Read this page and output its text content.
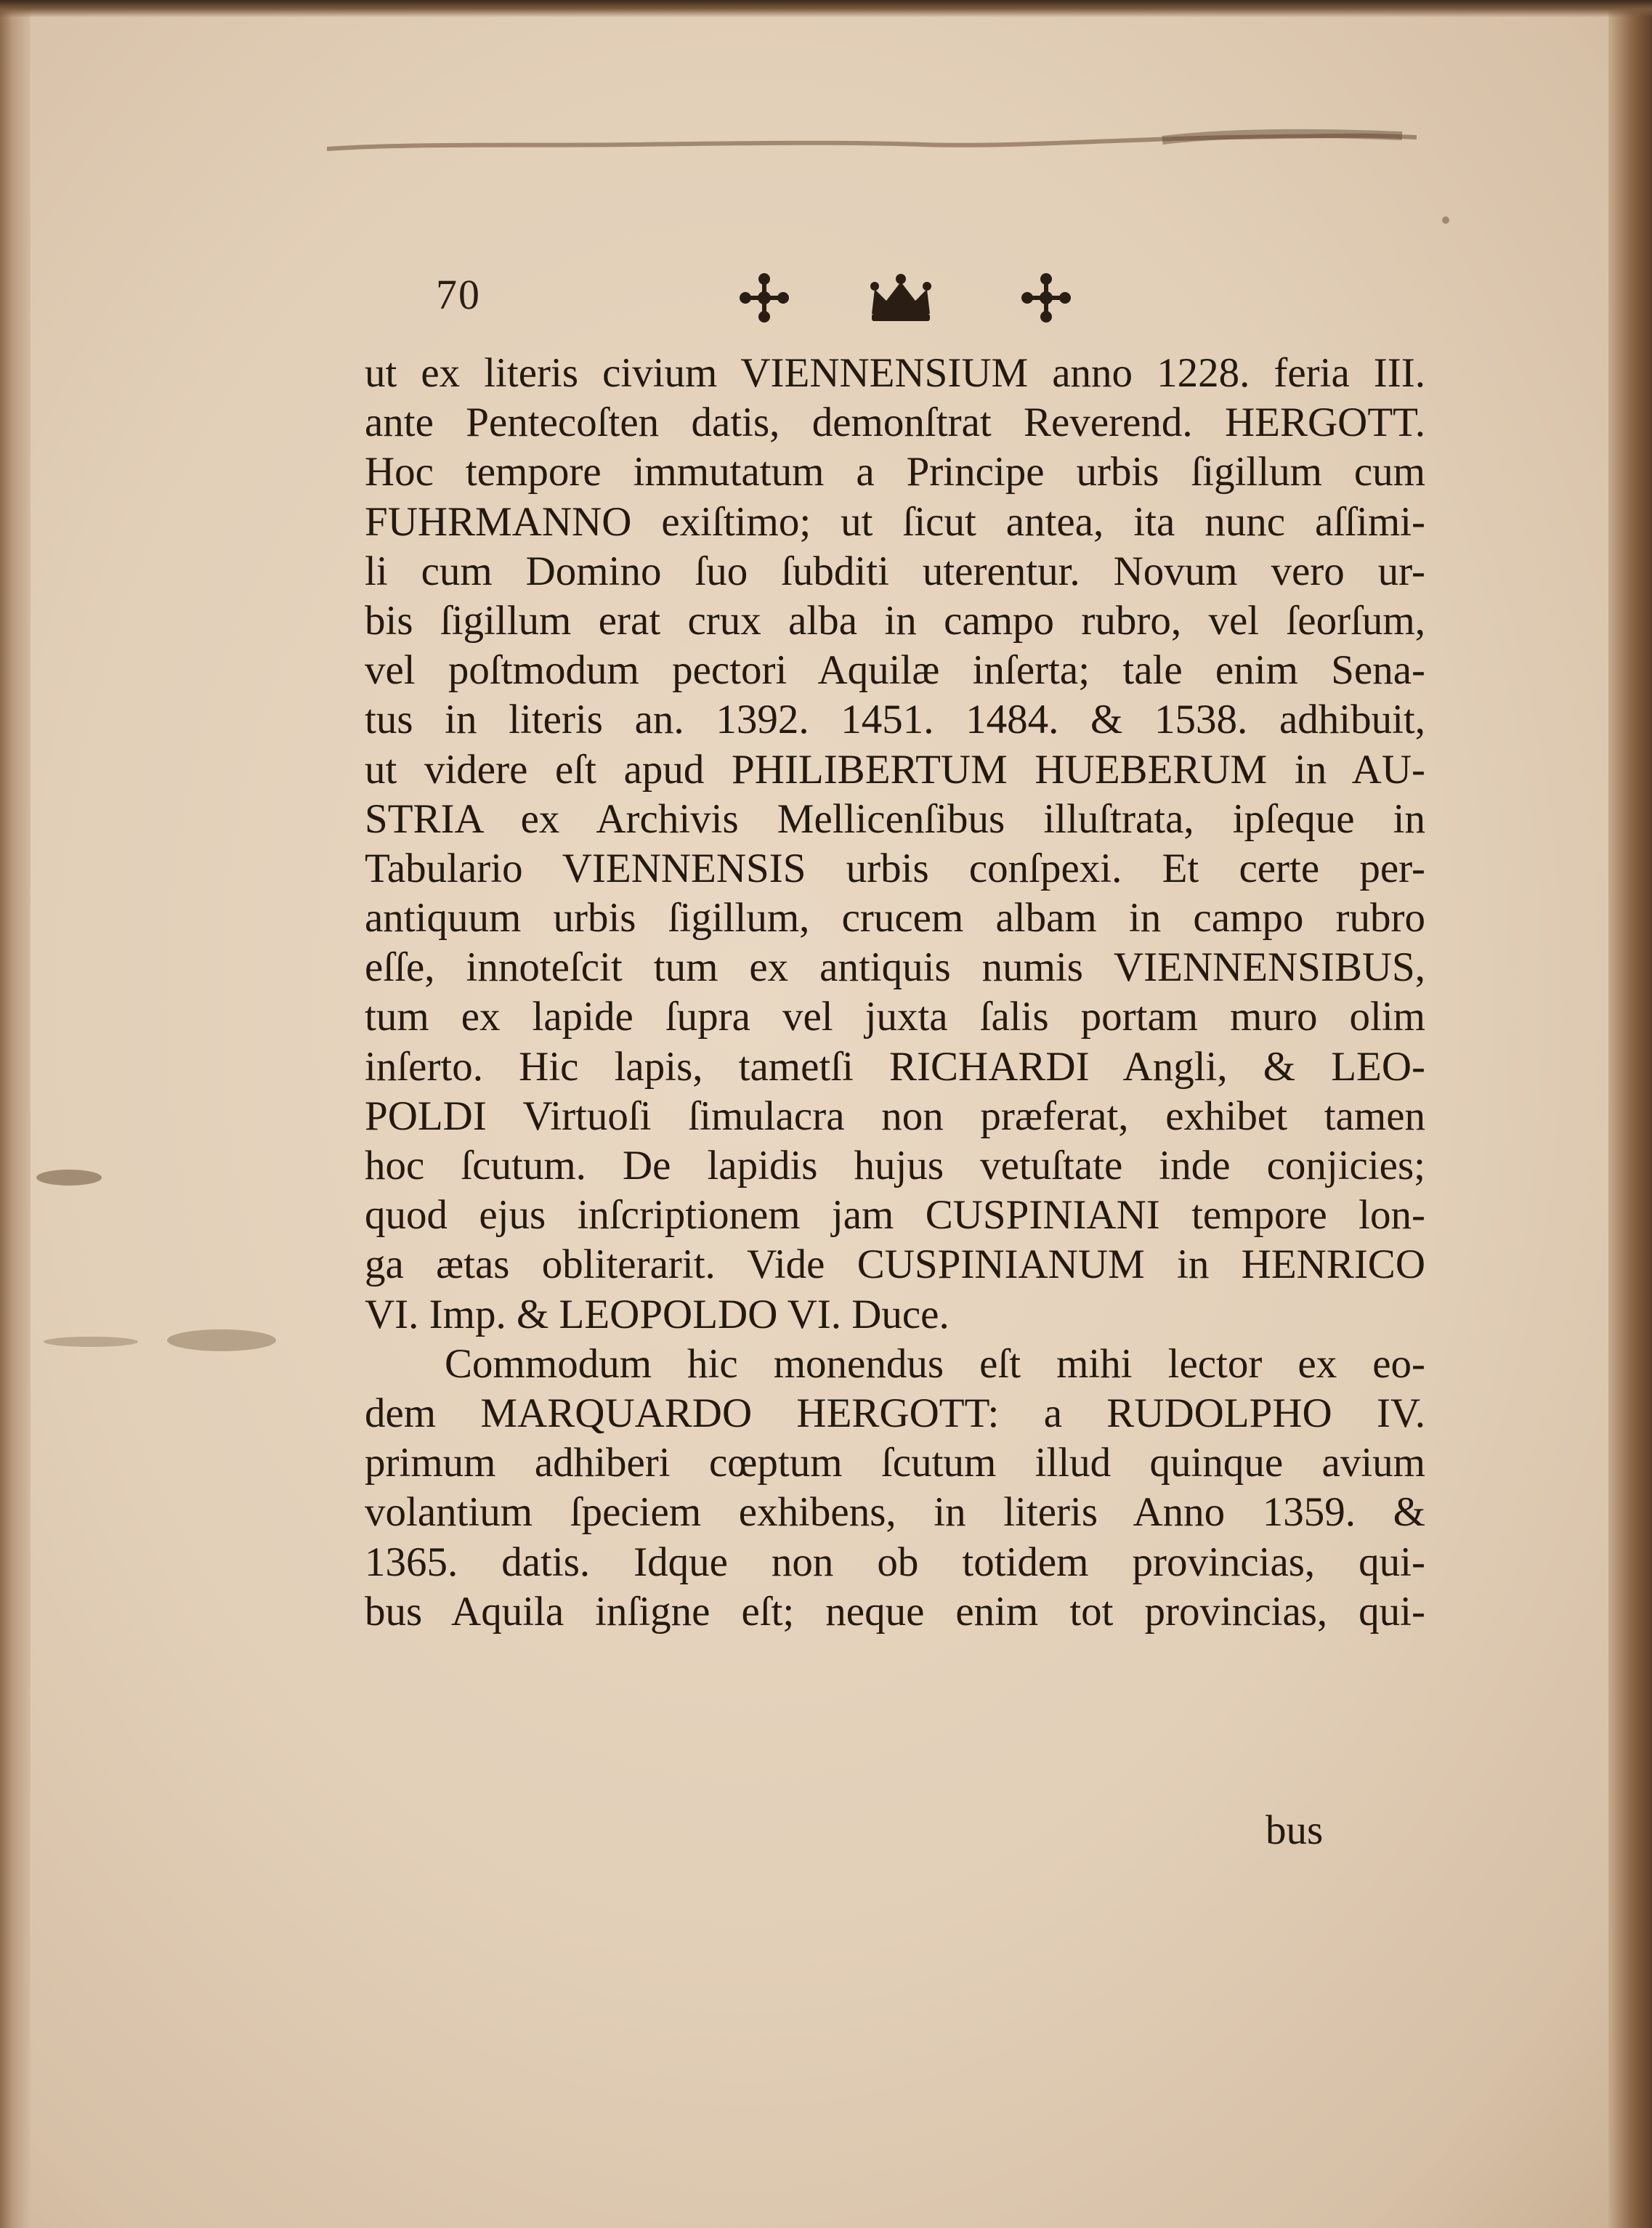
70
ut ex literis civium VIENNENSIUM anno 1228. feria III.
ante Pentecoſten datis, demonſtrat Reverend. HERGOTT.
Hoc tempore immutatum a Principe urbis ſigillum cum
FUHRMANNO exiſtimo; ut ſicut antea, ita nunc aſſimi-
li cum Domino ſuo ſubditi uterentur. Novum vero ur-
bis ſigillum erat crux alba in campo rubro, vel ſeorſum,
vel poſtmodum pectori Aquilæ inſerta; tale enim Sena-
tus in literis an. 1392. 1451. 1484. & 1538. adhibuit,
ut videre eſt apud PHILIBERTUM HUEBERUM in AU-
STRIA ex Archivis Mellicenſibus illuſtrata, ipſeque in
Tabulario VIENNENSIS urbis conſpexi. Et certe per-
antiquum urbis ſigillum, crucem albam in campo rubro
eſſe, innoteſcit tum ex antiquis numis VIENNENSIBUS,
tum ex lapide ſupra vel juxta ſalis portam muro olim
inſerto. Hic lapis, tametſi RICHARDI Angli, & LEO-
POLDI Virtuoſi ſimulacra non præferat, exhibet tamen
hoc ſcutum. De lapidis hujus vetuſtate inde conjicies;
quod ejus inſcriptionem jam CUSPINIANI tempore lon-
ga ætas obliterarit. Vide CUSPINIANUM in HENRICO
VI. Imp. & LEOPOLDO VI. Duce.
Commodum hic monendus eſt mihi lector ex eo-
dem MARQUARDO HERGOTT: a RUDOLPHO IV.
primum adhiberi cœptum ſcutum illud quinque avium
volantium ſpeciem exhibens, in literis Anno 1359. &
1365. datis. Idque non ob totidem provincias, qui-
bus Aquila inſigne eſt; neque enim tot provincias, qui-
bus
